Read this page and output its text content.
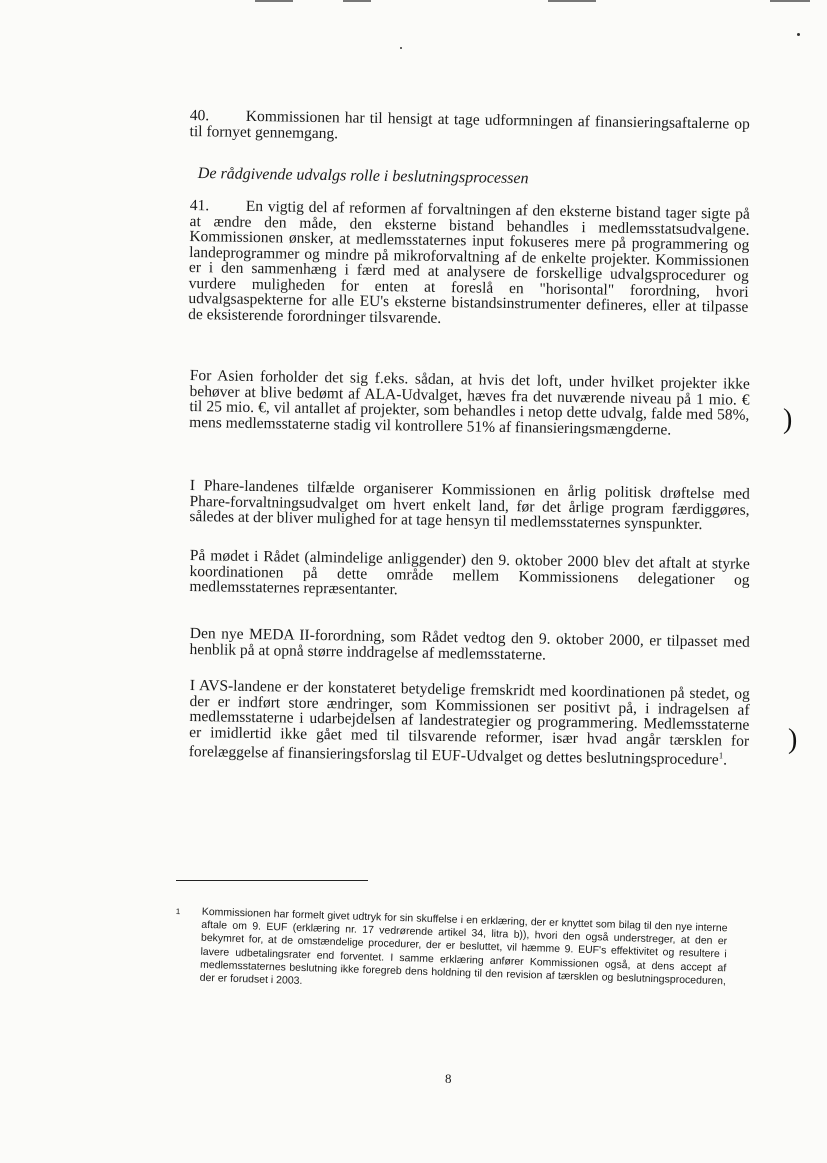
40. Kommissionen har til hensigt at tage udformningen af finansieringsaftalerne op til fornyet gennemgang.
De rådgivende udvalgs rolle i beslutningsprocessen
41. En vigtig del af reformen af forvaltningen af den eksterne bistand tager sigte på at ændre den måde, den eksterne bistand behandles i medlemsstatsudvalgene. Kommissionen ønsker, at medlemsstaternes input fokuseres mere på programmering og landeprogrammer og mindre på mikroforvaltning af de enkelte projekter. Kommissionen er i den sammenhæng i færd med at analysere de forskellige udvalgsprocedurer og vurdere muligheden for enten at foreslå en "horisontal" forordning, hvori udvalgsaspekterne for alle EU's eksterne bistandsinstrumenter defineres, eller at tilpasse de eksisterende forordninger tilsvarende.
For Asien forholder det sig f.eks. sådan, at hvis det loft, under hvilket projekter ikke behøver at blive bedømt af ALA-Udvalget, hæves fra det nuværende niveau på 1 mio. € til 25 mio. €, vil antallet af projekter, som behandles i netop dette udvalg, falde med 58%, mens medlemsstaterne stadig vil kontrollere 51% af finansieringsmængderne.
I Phare-landenes tilfælde organiserer Kommissionen en årlig politisk drøftelse med Phare-forvaltningsudvalget om hvert enkelt land, før det årlige program færdiggøres, således at der bliver mulighed for at tage hensyn til medlemsstaternes synspunkter.
På mødet i Rådet (almindelige anliggender) den 9. oktober 2000 blev det aftalt at styrke koordinationen på dette område mellem Kommissionens delegationer og medlemsstaternes repræsentanter.
Den nye MEDA II-forordning, som Rådet vedtog den 9. oktober 2000, er tilpasset med henblik på at opnå større inddragelse af medlemsstaterne.
I AVS-landene er der konstateret betydelige fremskridt med koordinationen på stedet, og der er indført store ændringer, som Kommissionen ser positivt på, i indragelsen af medlemsstaterne i udarbejdelsen af landestrategier og programmering. Medlemsstaterne er imidlertid ikke gået med til tilsvarende reformer, især hvad angår tærsklen for forelæggelse af finansieringsforslag til EUF-Udvalget og dettes beslutningsprocedure$^1$.
)
)
1 Kommissionen har formelt givet udtryk for sin skuffelse i en erklæring, der er knyttet som bilag til den nye interne aftale om 9. EUF (erklæring nr. 17 vedrørende artikel 34, litra b)), hvori den også understreger, at den er bekymret for, at de omstændelige procedurer, der er besluttet, vil hæmme 9. EUF's effektivitet og resultere i lavere udbetalingsrater end forventet. I samme erklæring anfører Kommissionen også, at dens accept af medlemsstaternes beslutning ikke foregreb dens holdning til den revision af tærsklen og beslutningsproceduren, der er forudset i 2003.
8
